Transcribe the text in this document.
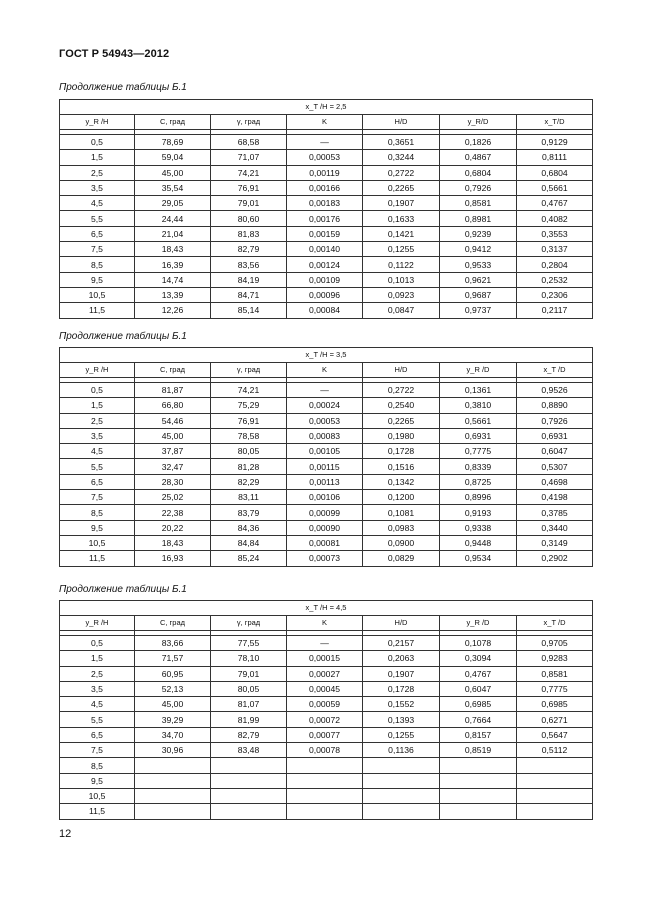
ГОСТ Р 54943—2012
Продолжение таблицы Б.1
x_T /H = 2,5						
y_R /H	C, град	γ, град	K	H/D	y_R/D	x_T/D

0,5	78,69	68,58	—	0,3651	0,1826	0,9129
1,5	59,04	71,07	0,00053	0,3244	0,4867	0,8111
2,5	45,00	74,21	0,00119	0,2722	0,6804	0,6804
3,5	35,54	76,91	0,00166	0,2265	0,7926	0,5661
4,5	29,05	79,01	0,00183	0,1907	0,8581	0,4767
5,5	24,44	80,60	0,00176	0,1633	0,8981	0,4082
6,5	21,04	81,83	0,00159	0,1421	0,9239	0,3553
7,5	18,43	82,79	0,00140	0,1255	0,9412	0,3137
8,5	16,39	83,56	0,00124	0,1122	0,9533	0,2804
9,5	14,74	84,19	0,00109	0,1013	0,9621	0,2532
10,5	13,39	84,71	0,00096	0,0923	0,9687	0,2306
11,5	12,26	85,14	0,00084	0,0847	0,9737	0,2117
Продолжение таблицы Б.1
x_T /H = 3,5						
y_R /H	C, град	γ, град	K	H/D	y_R /D	x_T /D

0,5	81,87	74,21	—	0,2722	0,1361	0,9526
1,5	66,80	75,29	0,00024	0,2540	0,3810	0,8890
2,5	54,46	76,91	0,00053	0,2265	0,5661	0,7926
3,5	45,00	78,58	0,00083	0,1980	0,6931	0,6931
4,5	37,87	80,05	0,00105	0,1728	0,7775	0,6047
5,5	32,47	81,28	0,00115	0,1516	0,8339	0,5307
6,5	28,30	82,29	0,00113	0,1342	0,8725	0,4698
7,5	25,02	83,11	0,00106	0,1200	0,8996	0,4198
8,5	22,38	83,79	0,00099	0,1081	0,9193	0,3785
9,5	20,22	84,36	0,00090	0,0983	0,9338	0,3440
10,5	18,43	84,84	0,00081	0,0900	0,9448	0,3149
11,5	16,93	85,24	0,00073	0,0829	0,9534	0,2902
Продолжение таблицы Б.1
x_T /H = 4,5						
y_R /H	C, град	γ, град	K	H/D	y_R /D	x_T /D

0,5	83,66	77,55	—	0,2157	0,1078	0,9705
1,5	71,57	78,10	0,00015	0,2063	0,3094	0,9283
2,5	60,95	79,01	0,00027	0,1907	0,4767	0,8581
3,5	52,13	80,05	0,00045	0,1728	0,6047	0,7775
4,5	45,00	81,07	0,00059	0,1552	0,6985	0,6985
5,5	39,29	81,99	0,00072	0,1393	0,7664	0,6271
6,5	34,70	82,79	0,00077	0,1255	0,8157	0,5647
7,5	30,96	83,48	0,00078	0,1136	0,8519	0,5112
8,5						
9,5						
10,5						
11,5						
12
